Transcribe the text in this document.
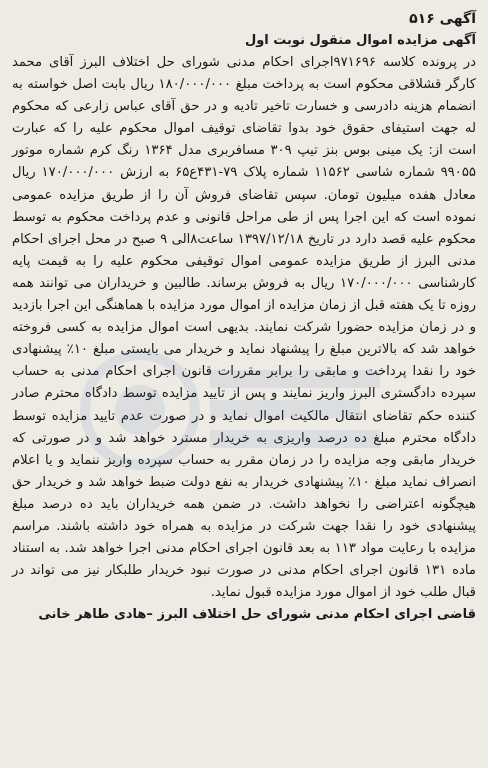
آگهی ۵۱۶
آگهی مزایده اموال منقول نوبت اول

در پرونده کلاسه ۹۷۱۶۹۶اجرای احکام مدنی شورای حل اختلاف البرز آقای محمد کارگر قشلاقی محکوم است به پرداخت مبلغ ۱۸۰/۰۰۰/۰۰۰ ریال بابت اصل خواسته به انضمام هزینه دادرسی و خسارت تاخیر تادیه و در حق آقای عباس زارعی که محکوم له جهت استیفای حقوق خود بدوا تقاضای توقیف اموال محکوم علیه را که عبارت است از: یک مینی بوس بنز تیپ ۳۰۹ مسافربری مدل ۱۳۶۴ رنگ کرم شماره موتور ۹۹۰۵۵ شماره شاسی ۱۱۵۶۲ شماره پلاک ۷۹-۴۳۱ع۶۵ به ارزش ۱۷۰/۰۰۰/۰۰۰ ریال معادل هفده میلیون تومان. سپس تقاضای فروش آن را از طریق مزایده عمومی نموده است که این اجرا پس از طی مراحل قانونی و عدم پرداخت محکوم به توسط محکوم علیه قصد دارد در تاریخ ۱۳۹۷/۱۲/۱۸ ساعت۸الی ۹ صبح در محل اجرای احکام مدنی البرز از طریق مزایده عمومی اموال توقیفی محکوم علیه را به قیمت پایه کارشناسی ۱۷۰/۰۰۰/۰۰۰ ریال به فروش برساند. طالبین و خریداران می توانند همه روزه تا یک هفته قبل از زمان مزایده از اموال مورد مزایده با هماهنگی این اجرا بازدید و در زمان مزایده حضورا شرکت نمایند. بدیهی است اموال مزایده به کسی فروخته خواهد شد که بالاترین مبلغ را پیشنهاد نماید و خریدار می بایستی مبلغ ۱۰٪ پیشنهادی خود را نقدا پرداخت و مابقی را برابر مقررات قانون اجرای احکام مدنی به حساب سپرده دادگستری البرز واریز نمایند و پس از تایید مزایده توسط دادگاه محترم صادر کننده حکم تقاضای انتقال مالکیت اموال نماید و در صورت عدم تایید مزایده توسط دادگاه محترم مبلغ ده درصد واریزی به خریدار مسترد خواهد شد و در صورتی که خریدار مابقی وجه مزایده را در زمان مقرر به حساب سپرده واریز ننماید و یا اعلام انصراف نماید مبلغ ۱۰٪ پیشنهادی خریدار به نفع دولت ضبط خواهد شد و خریدار حق هیچگونه اعتراضی را نخواهد داشت. در ضمن همه خریداران باید ده درصد مبلغ پیشنهادی خود را نقدا جهت شرکت در مزایده به همراه خود داشته باشند. مراسم مزایده با رعایت مواد ۱۱۳ به بعد قانون اجرای احکام مدنی اجرا خواهد شد. به استناد ماده ۱۳۱ قانون اجرای احکام مدنی در صورت نبود خریدار طلبکار نیز می تواند در قبال طلب خود از اموال مورد مزایده قبول نماید.

قاضی اجرای احکام مدنی شورای حل اختلاف البرز –هادی طاهر خانی
